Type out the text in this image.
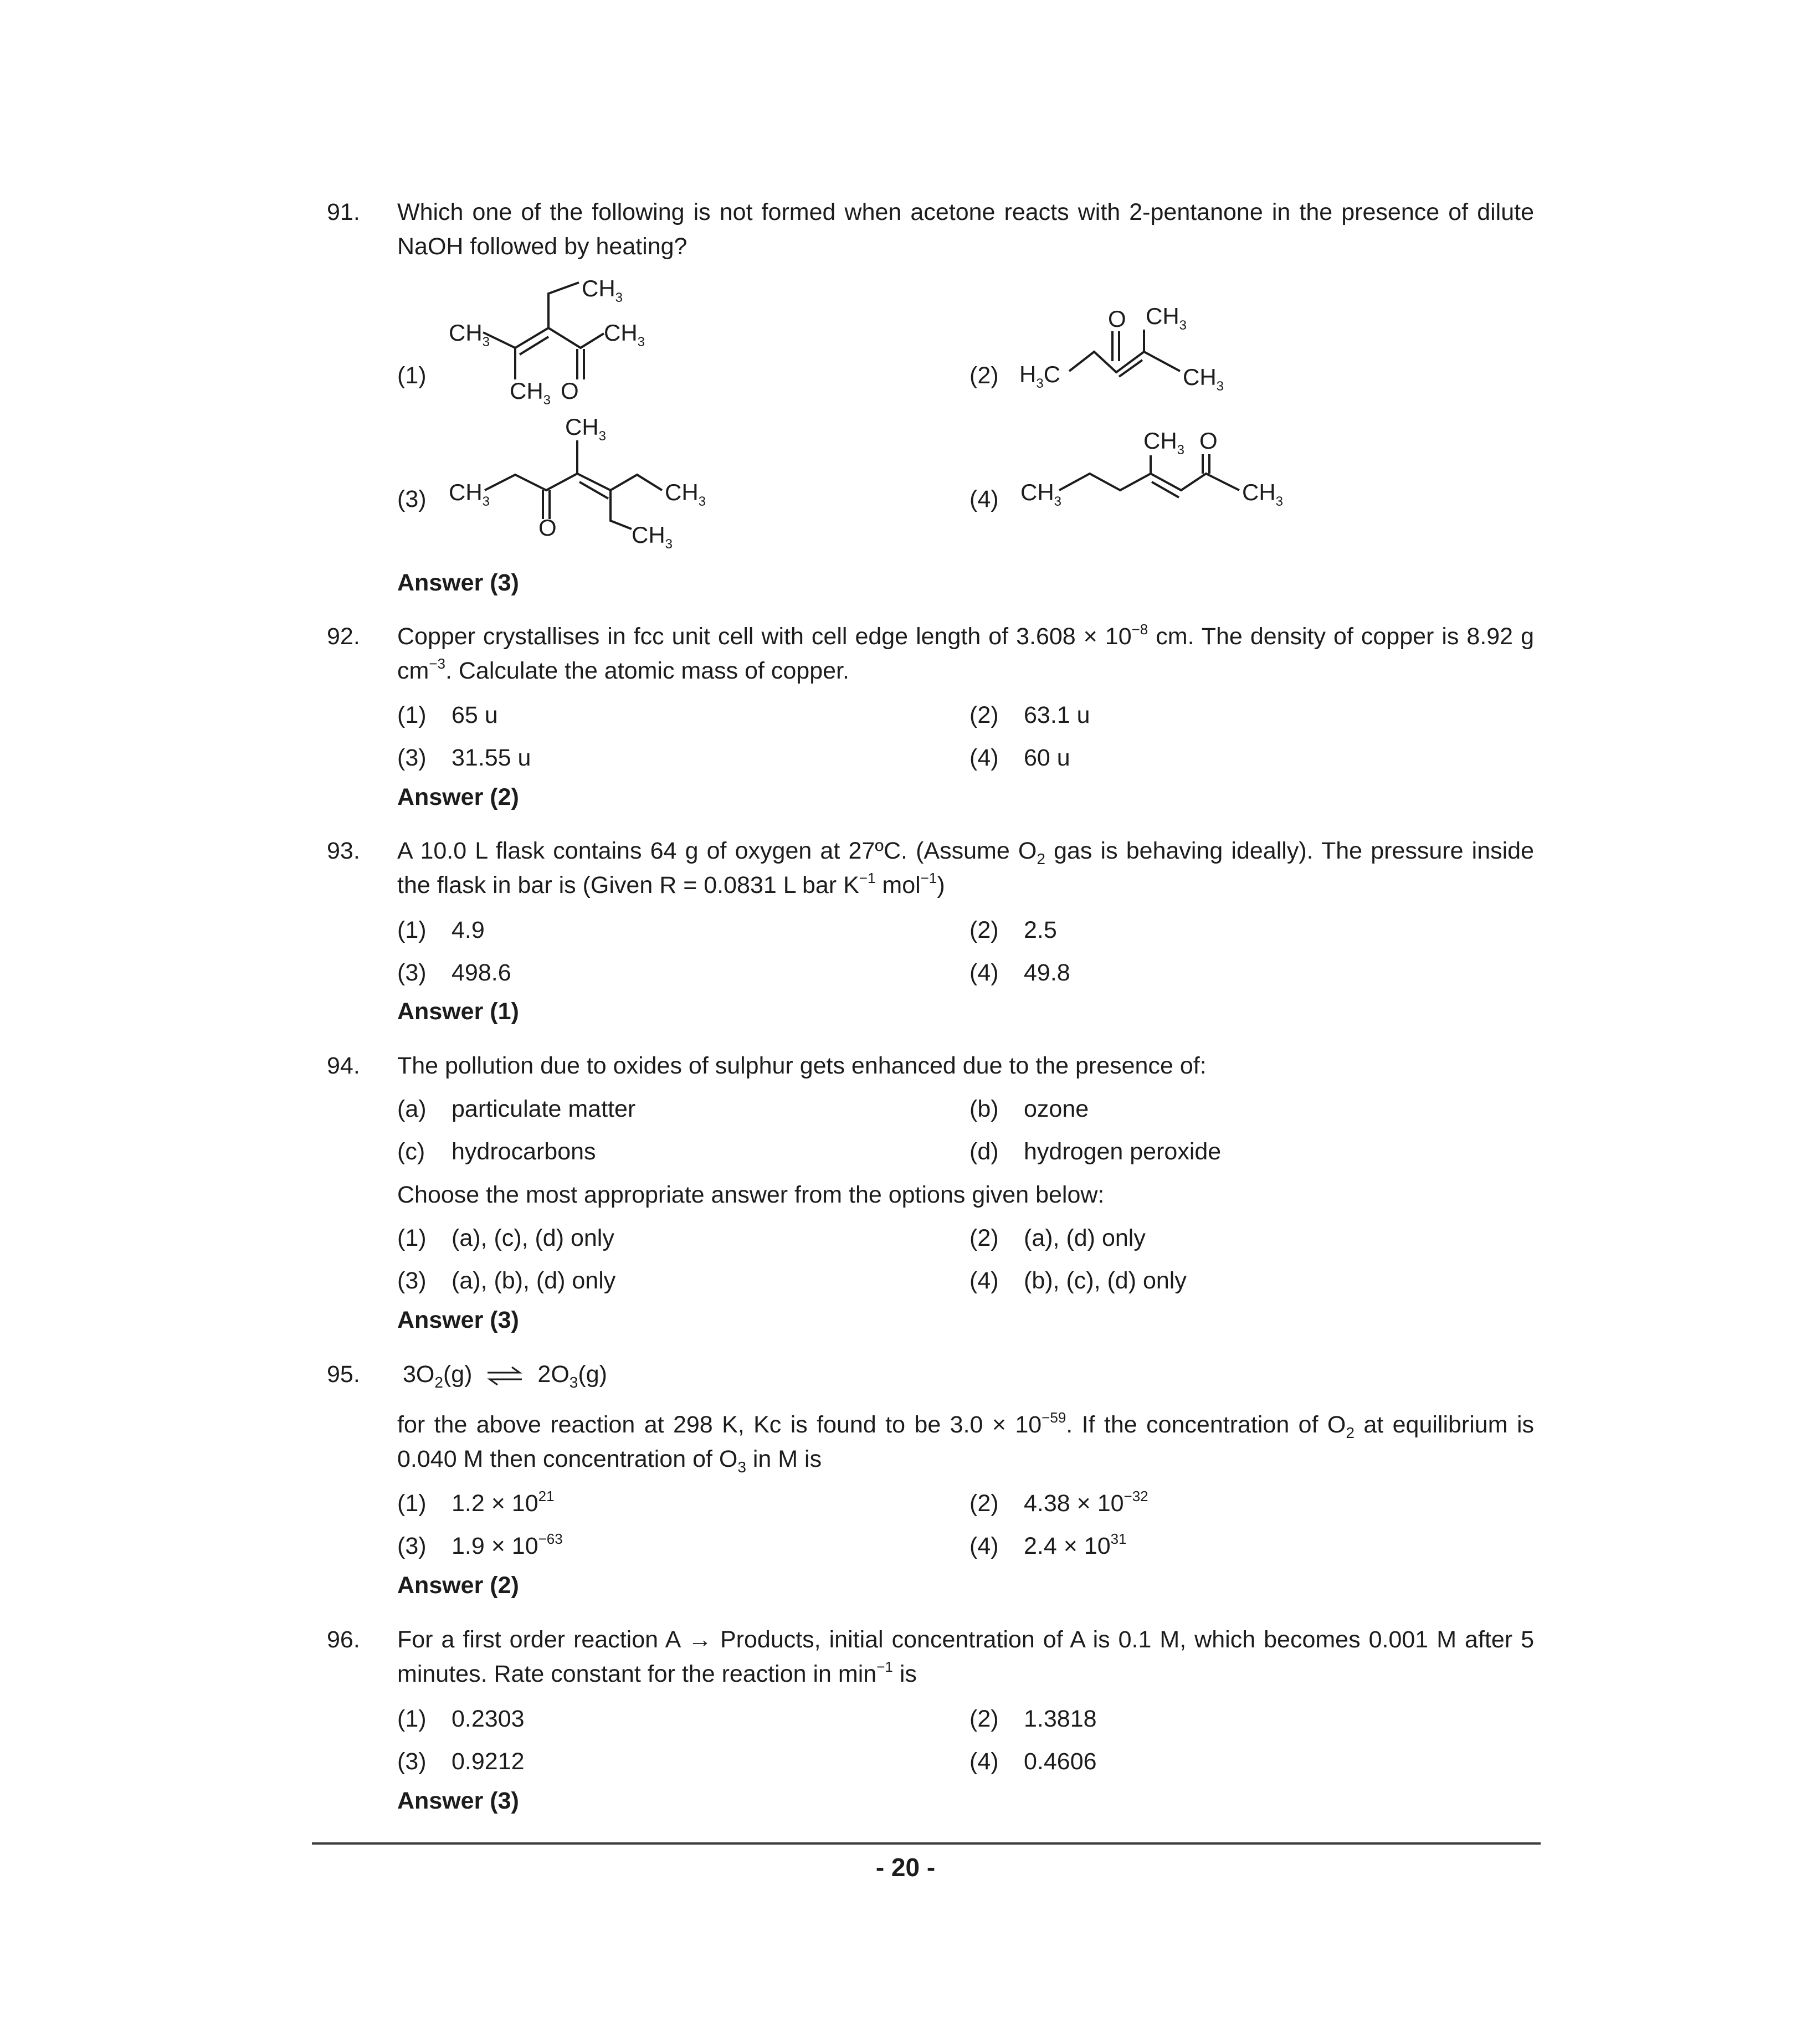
91. Which one of the following is not formed when acetone reacts with 2-pentanone in the presence of dilute NaOH followed by heating?
(1)	(2)
(3)	(4)
$CH_3$
$CH_3$	$CH_3$
$CH_3$ O
O $CH_3$
$H_3C$	$CH_3$
$CH_3$
$CH_3$	$CH_3$
$CH_3$
O
$CH_3$ O
$CH_3$	$CH_3$
Answer (3)
92. Copper crystallises in fcc unit cell with cell edge length of $3.608 \times 10^{-8}$ cm. The density of copper is 8.92 g $cm^{-3}$. Calculate the atomic mass of copper.
(1) 65 u	(2) 63.1 u
(3) 31.55 u	(4) 60 u
Answer (2)
93. A 10.0 L flask contains 64 g of oxygen at 27ºC. (Assume $O_2$ gas is behaving ideally). The pressure inside the flask in bar is (Given R = 0.0831 L bar $K^{-1}$ mol$^{-1}$)
(1) 4.9	(2) 2.5
(3) 498.6	(4) 49.8
Answer (1)
94. The pollution due to oxides of sulphur gets enhanced due to the presence of:
(a) particulate matter	(b) ozone
(c) hydrocarbons	(d) hydrogen peroxide
Choose the most appropriate answer from the options given below:
(1) (a), (c), (d) only	(2) (a), (d) only
(3) (a), (b), (d) only	(4) (b), (c), (d) only
Answer (3)
95. $3O_2(g)$ ⇌ $2O_3(g)$
for the above reaction at 298 K, Kc is found to be $3.0 \times 10^{-59}$. If the concentration of $O_2$ at equilibrium is 0.040 M then concentration of $O_3$ in M is
(1) $1.2 \times 10^{21}$	(2) $4.38 \times 10^{-32}$
(3) $1.9 \times 10^{-63}$	(4) $2.4 \times 10^{31}$
Answer (2)
96. For a first order reaction A → Products, initial concentration of A is 0.1 M, which becomes 0.001 M after 5 minutes. Rate constant for the reaction in $\min^{-1}$ is
(1) 0.2303	(2) 1.3818
(3) 0.9212	(4) 0.4606
Answer (3)
- 20 -
